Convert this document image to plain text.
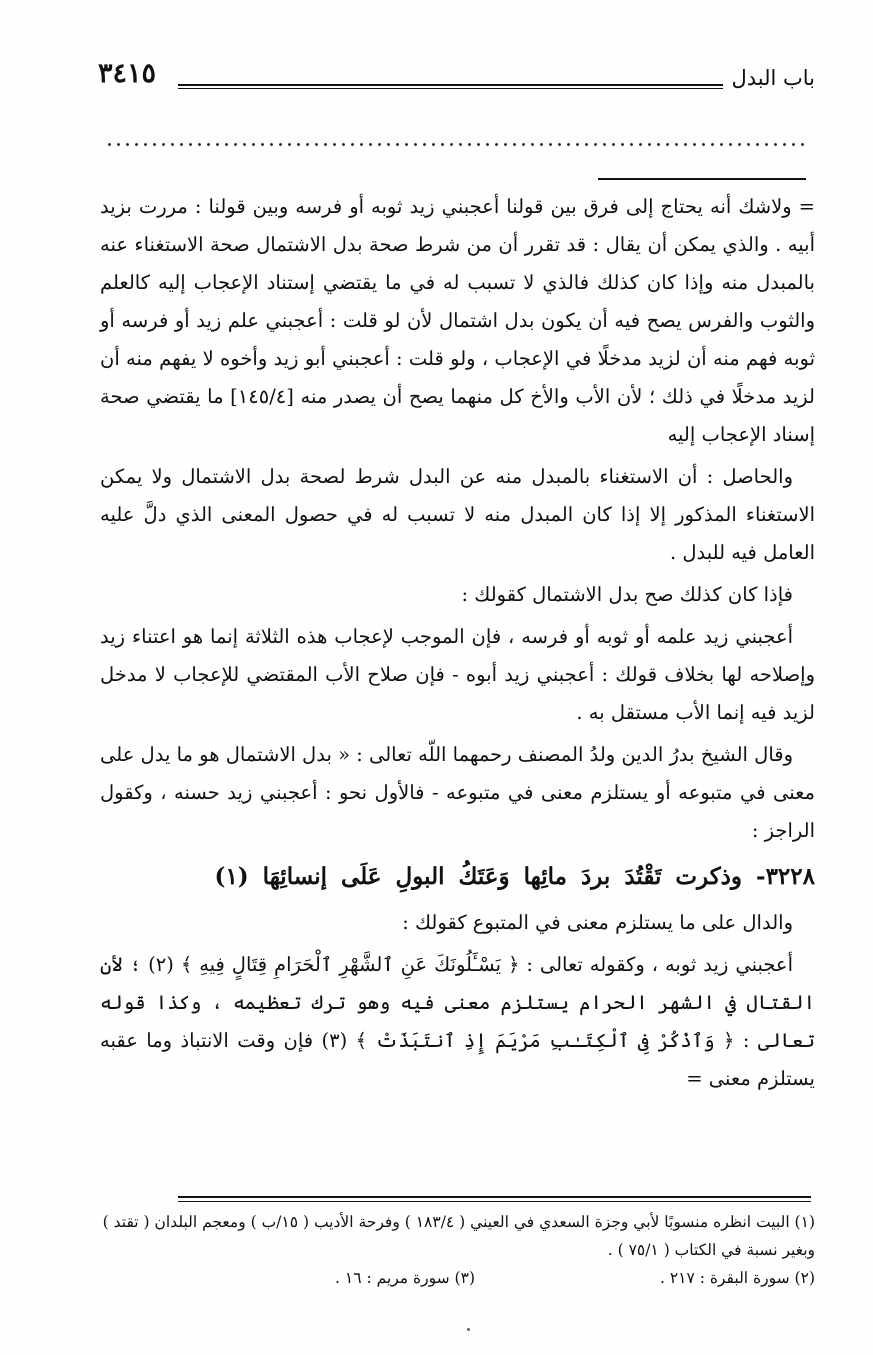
باب البدل
٣٤١٥

= ولاشك أنه يحتاج إلى فرق بين قولنا أعجبني زيد ثوبه أو فرسه وبين قولنا : مررت بزيد أبيه . والذي يمكن أن يقال : قد تقرر أن من شرط صحة بدل الاشتمال صحة الاستغناء عنه بالمبدل منه وإذا كان كذلك فالذي لا تسبب له في ما يقتضي إستناد الإعجاب إليه كالعلم والثوب والفرس يصح فيه أن يكون بدل اشتمال لأن لو قلت : أعجبني علم زيد أو فرسه أو ثوبه فهم منه أن لزيد مدخلًا في الإعجاب ، ولو قلت : أعجبني أبو زيد وأخوه لا يفهم منه أن لزيد مدخلًا في ذلك ؛ لأن الأب والأخ كل منهما يصح أن يصدر منه [١٤٥/٤] ما يقتضي صحة إسناد الإعجاب إليه

والحاصل : أن الاستغناء بالمبدل منه عن البدل شرط لصحة بدل الاشتمال ولا يمكن الاستغناء المذكور إلا إذا كان المبدل منه لا تسبب له في حصول المعنى الذي دلَّ عليه العامل فيه للبدل .

فإذا كان كذلك صح بدل الاشتمال كقولك :

أعجبني زيد علمه أو ثوبه أو فرسه ، فإن الموجب لإعجاب هذه الثلاثة إنما هو اعتناء زيد وإصلاحه لها بخلاف قولك : أعجبني زيد أبوه - فإن صلاح الأب المقتضي للإعجاب لا مدخل لزيد فيه إنما الأب مستقل به .

وقال الشيخ بدرُ الدين ولدُ المصنف رحمهما اللّه تعالى : « بدل الاشتمال هو ما يدل على معنى في متبوعه أو يستلزم معنى في متبوعه - فالأول نحو : أعجبني زيد حسنه ، وكقول الراجز :

٣٢٢٨- وذكرت تَقْتُدَ بردَ مائِها وَعَتَكُ البولِ عَلَى إنسائِهَا (١)

والدال على ما يستلزم معنى في المتبوع كقولك :

أعجبني زيد ثوبه ، وكقوله تعالى : ﴿ يَسْـَٔلُونَكَ عَنِ ٱلشَّهْرِ ٱلْحَرَامِ قِتَالٍ فِيهِ ﴾ (٢) ؛ لأن القتال في الشهر الحرام يستلزم معنى فيه وهو ترك تعظيمه ، وكذا قوله تعالى : ﴿ وَٱذْكُرْ فِى ٱلْكِتَـٰبِ مَرْيَمَ إِذِ ٱنتَبَذَتْ ﴾ (٣) فإن وقت الانتباذ وما عقبه يستلزم معنى =

(١) البيت انظره منسوبًا لأبي وجزة السعدي في العيني ( ١٨٣/٤ ) وفرحة الأديب ( ١٥/ب ) ومعجم البلدان ( تقتد ) وبغير نسبة في الكتاب ( ٧٥/١ ) .

(٢) سورة البقرة : ٢١٧ .
(٣) سورة مريم : ١٦ .
